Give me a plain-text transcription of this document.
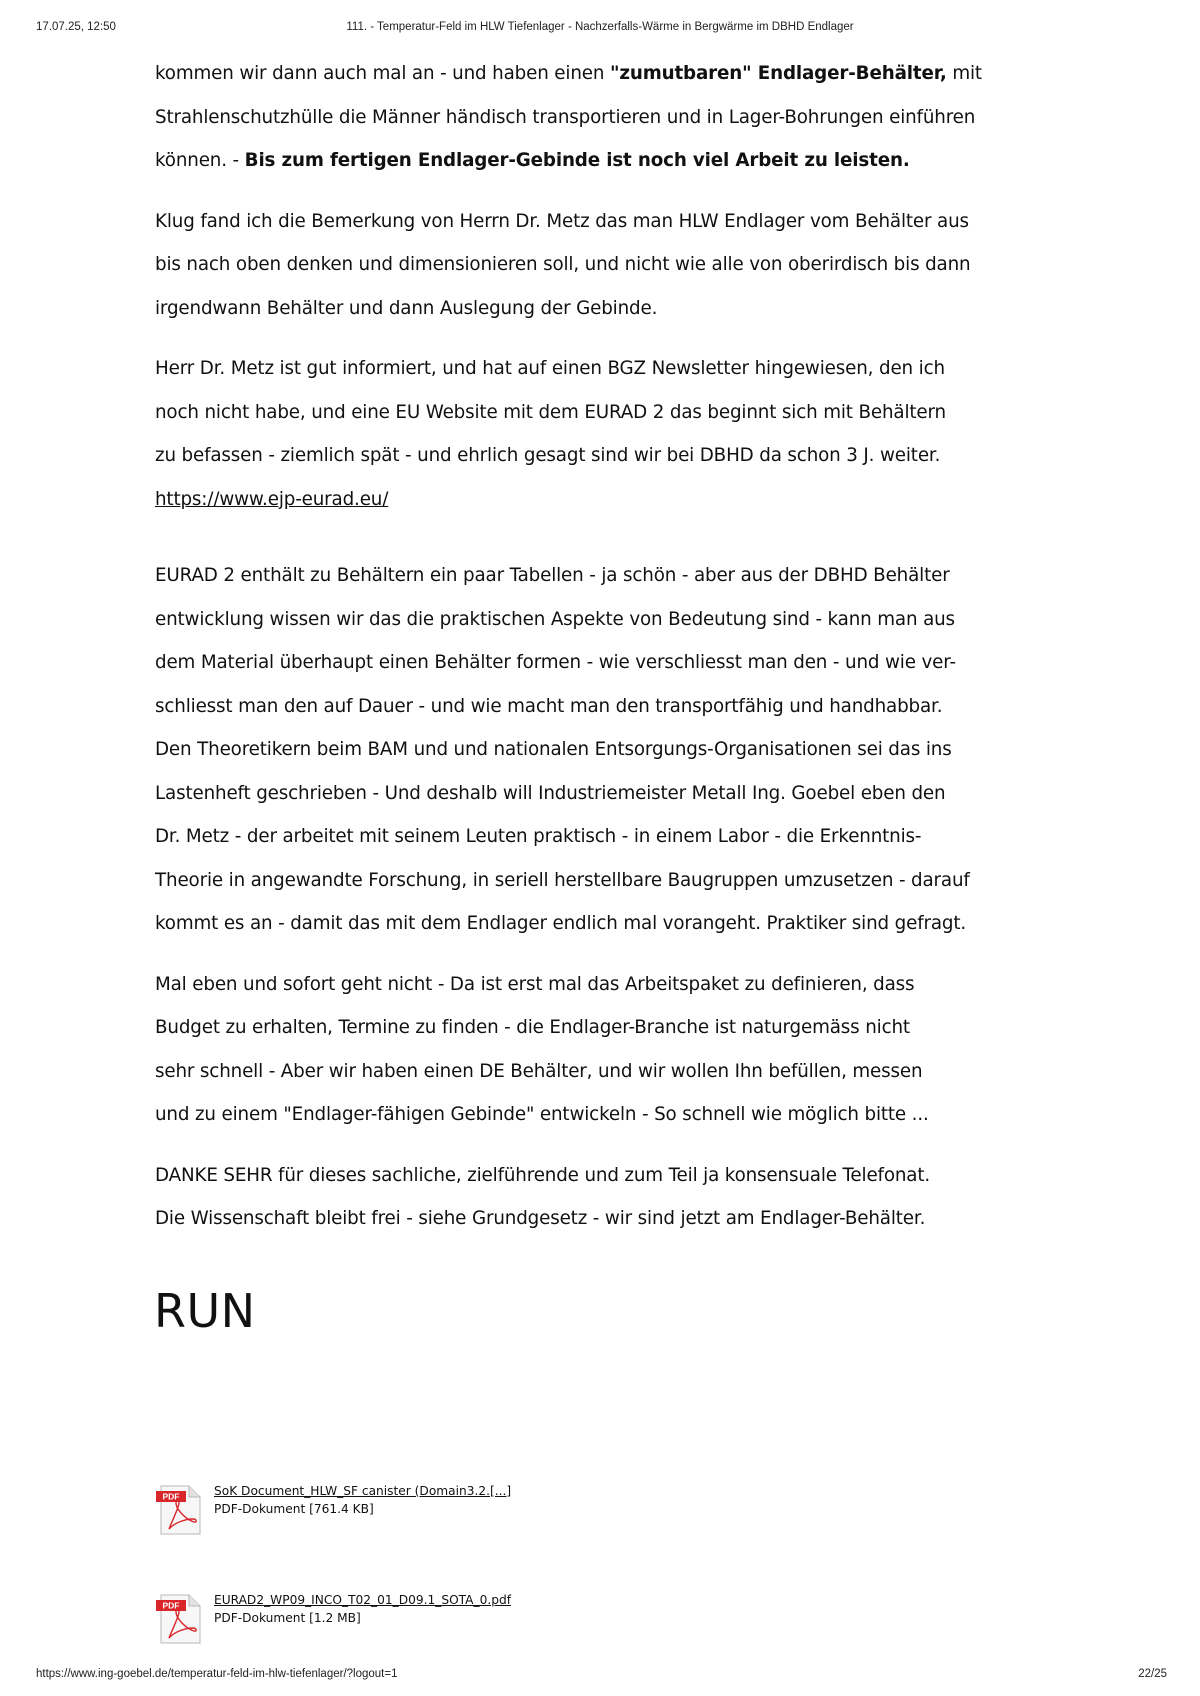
17.07.25, 12:50	111. - Temperatur-Feld im HLW Tiefenlager - Nachzerfalls-Wärme in Bergwärme im DBHD Endlager
kommen wir dann auch mal an - und haben einen "zumutbaren" Endlager-Behälter, mit
Strahlenschutzhülle die Männer händisch transportieren und in Lager-Bohrungen einführen
können. - Bis zum fertigen Endlager-Gebinde ist noch viel Arbeit zu leisten.
Klug fand ich die Bemerkung von Herrn Dr. Metz das man HLW Endlager vom Behälter aus
bis nach oben denken und dimensionieren soll, und nicht wie alle von oberirdisch bis dann
irgendwann Behälter und dann Auslegung der Gebinde.
Herr Dr. Metz ist gut informiert, und hat auf einen BGZ Newsletter hingewiesen, den ich
noch nicht habe, und eine EU Website mit dem EURAD 2 das beginnt sich mit Behältern
zu befassen - ziemlich spät - und ehrlich gesagt sind wir bei DBHD da schon 3 J. weiter.
https://www.ejp-eurad.eu/
EURAD 2 enthält zu Behältern ein paar Tabellen - ja schön - aber aus der DBHD Behälter
entwicklung wissen wir das die praktischen Aspekte von Bedeutung sind - kann man aus
dem Material überhaupt einen Behälter formen - wie verschliesst man den - und wie ver-
schliesst man den auf Dauer - und wie macht man den transportfähig und handhabbar.
Den Theoretikern beim BAM und und nationalen Entsorgungs-Organisationen sei das ins
Lastenheft geschrieben - Und deshalb will Industriemeister Metall Ing. Goebel eben den
Dr. Metz - der arbeitet mit seinem Leuten praktisch - in einem Labor - die Erkenntnis-
Theorie in angewandte Forschung, in seriell herstellbare Baugruppen umzusetzen - darauf
kommt es an - damit das mit dem Endlager endlich mal vorangeht. Praktiker sind gefragt.
Mal eben und sofort geht nicht - Da ist erst mal das Arbeitspaket zu definieren, dass
Budget zu erhalten, Termine zu finden - die Endlager-Branche ist naturgemäss nicht
sehr schnell - Aber wir haben einen DE Behälter, und wir wollen Ihn befüllen, messen
und zu einem "Endlager-fähigen Gebinde" entwickeln - So schnell wie möglich bitte ...
DANKE SEHR für dieses sachliche, zielführende und zum Teil ja konsensuale Telefonat.
Die Wissenschaft bleibt frei - siehe Grundgesetz - wir sind jetzt am Endlager-Behälter.
RUN
PDF	SoK Document_HLW_SF canister (Domain3.2.[...]
PDF-Dokument [761.4 KB]
PDF	EURAD2_WP09_INCO_T02_01_D09.1_SOTA_0.pdf
PDF-Dokument [1.2 MB]
https://www.ing-goebel.de/temperatur-feld-im-hlw-tiefenlager/?logout=1	22/25
